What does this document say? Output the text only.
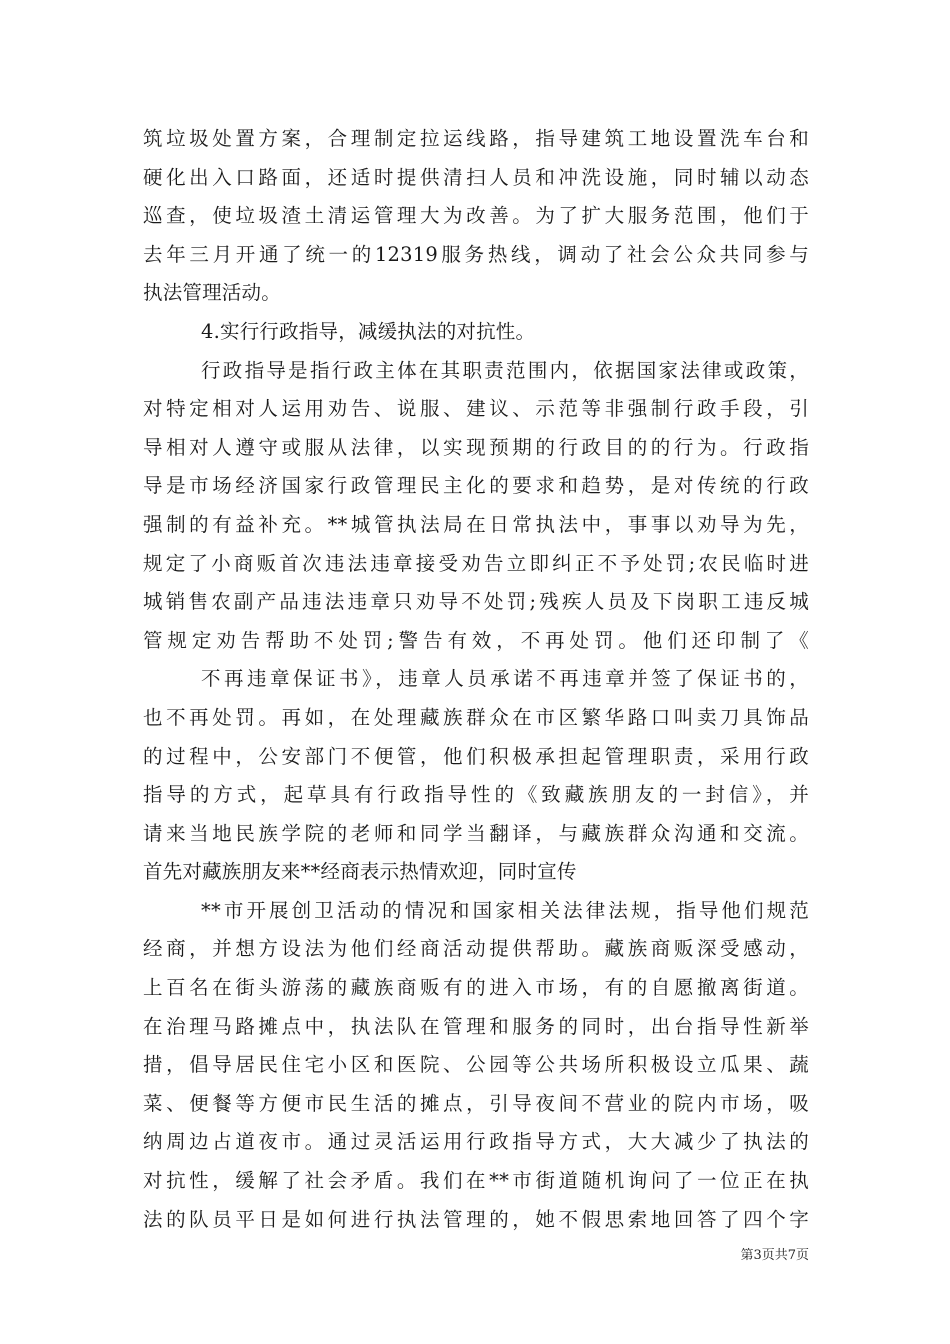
筑垃圾处置方案，合理制定拉运线路，指导建筑工地设置洗车台和
硬化出入口路面，还适时提供清扫人员和冲洗设施，同时辅以动态
巡查，使垃圾渣土清运管理大为改善。为了扩大服务范围，他们于
去年三月开通了统一的12319服务热线，调动了社会公众共同参与
执法管理活动。
4.实行行政指导，减缓执法的对抗性。
行政指导是指行政主体在其职责范围内，依据国家法律或政策，
对特定相对人运用劝告、说服、建议、示范等非强制行政手段，引
导相对人遵守或服从法律，以实现预期的行政目的的行为。行政指
导是市场经济国家行政管理民主化的要求和趋势，是对传统的行政
强制的有益补充。**城管执法局在日常执法中，事事以劝导为先，
规定了小商贩首次违法违章接受劝告立即纠正不予处罚;农民临时进
城销售农副产品违法违章只劝导不处罚;残疾人员及下岗职工违反城
管规定劝告帮助不处罚;警告有效，不再处罚。他们还印制了《
不再违章保证书》，违章人员承诺不再违章并签了保证书的，
也不再处罚。再如，在处理藏族群众在市区繁华路口叫卖刀具饰品
的过程中，公安部门不便管，他们积极承担起管理职责，采用行政
指导的方式，起草具有行政指导性的《致藏族朋友的一封信》，并
请来当地民族学院的老师和同学当翻译，与藏族群众沟通和交流。
首先对藏族朋友来**经商表示热情欢迎，同时宣传
**市开展创卫活动的情况和国家相关法律法规，指导他们规范
经商，并想方设法为他们经商活动提供帮助。藏族商贩深受感动，
上百名在街头游荡的藏族商贩有的进入市场，有的自愿撤离街道。
在治理马路摊点中，执法队在管理和服务的同时，出台指导性新举
措，倡导居民住宅小区和医院、公园等公共场所积极设立瓜果、蔬
菜、便餐等方便市民生活的摊点，引导夜间不营业的院内市场，吸
纳周边占道夜市。通过灵活运用行政指导方式，大大减少了执法的
对抗性，缓解了社会矛盾。我们在**市街道随机询问了一位正在执
法的队员平日是如何进行执法管理的，她不假思索地回答了四个字
第3页共7页
